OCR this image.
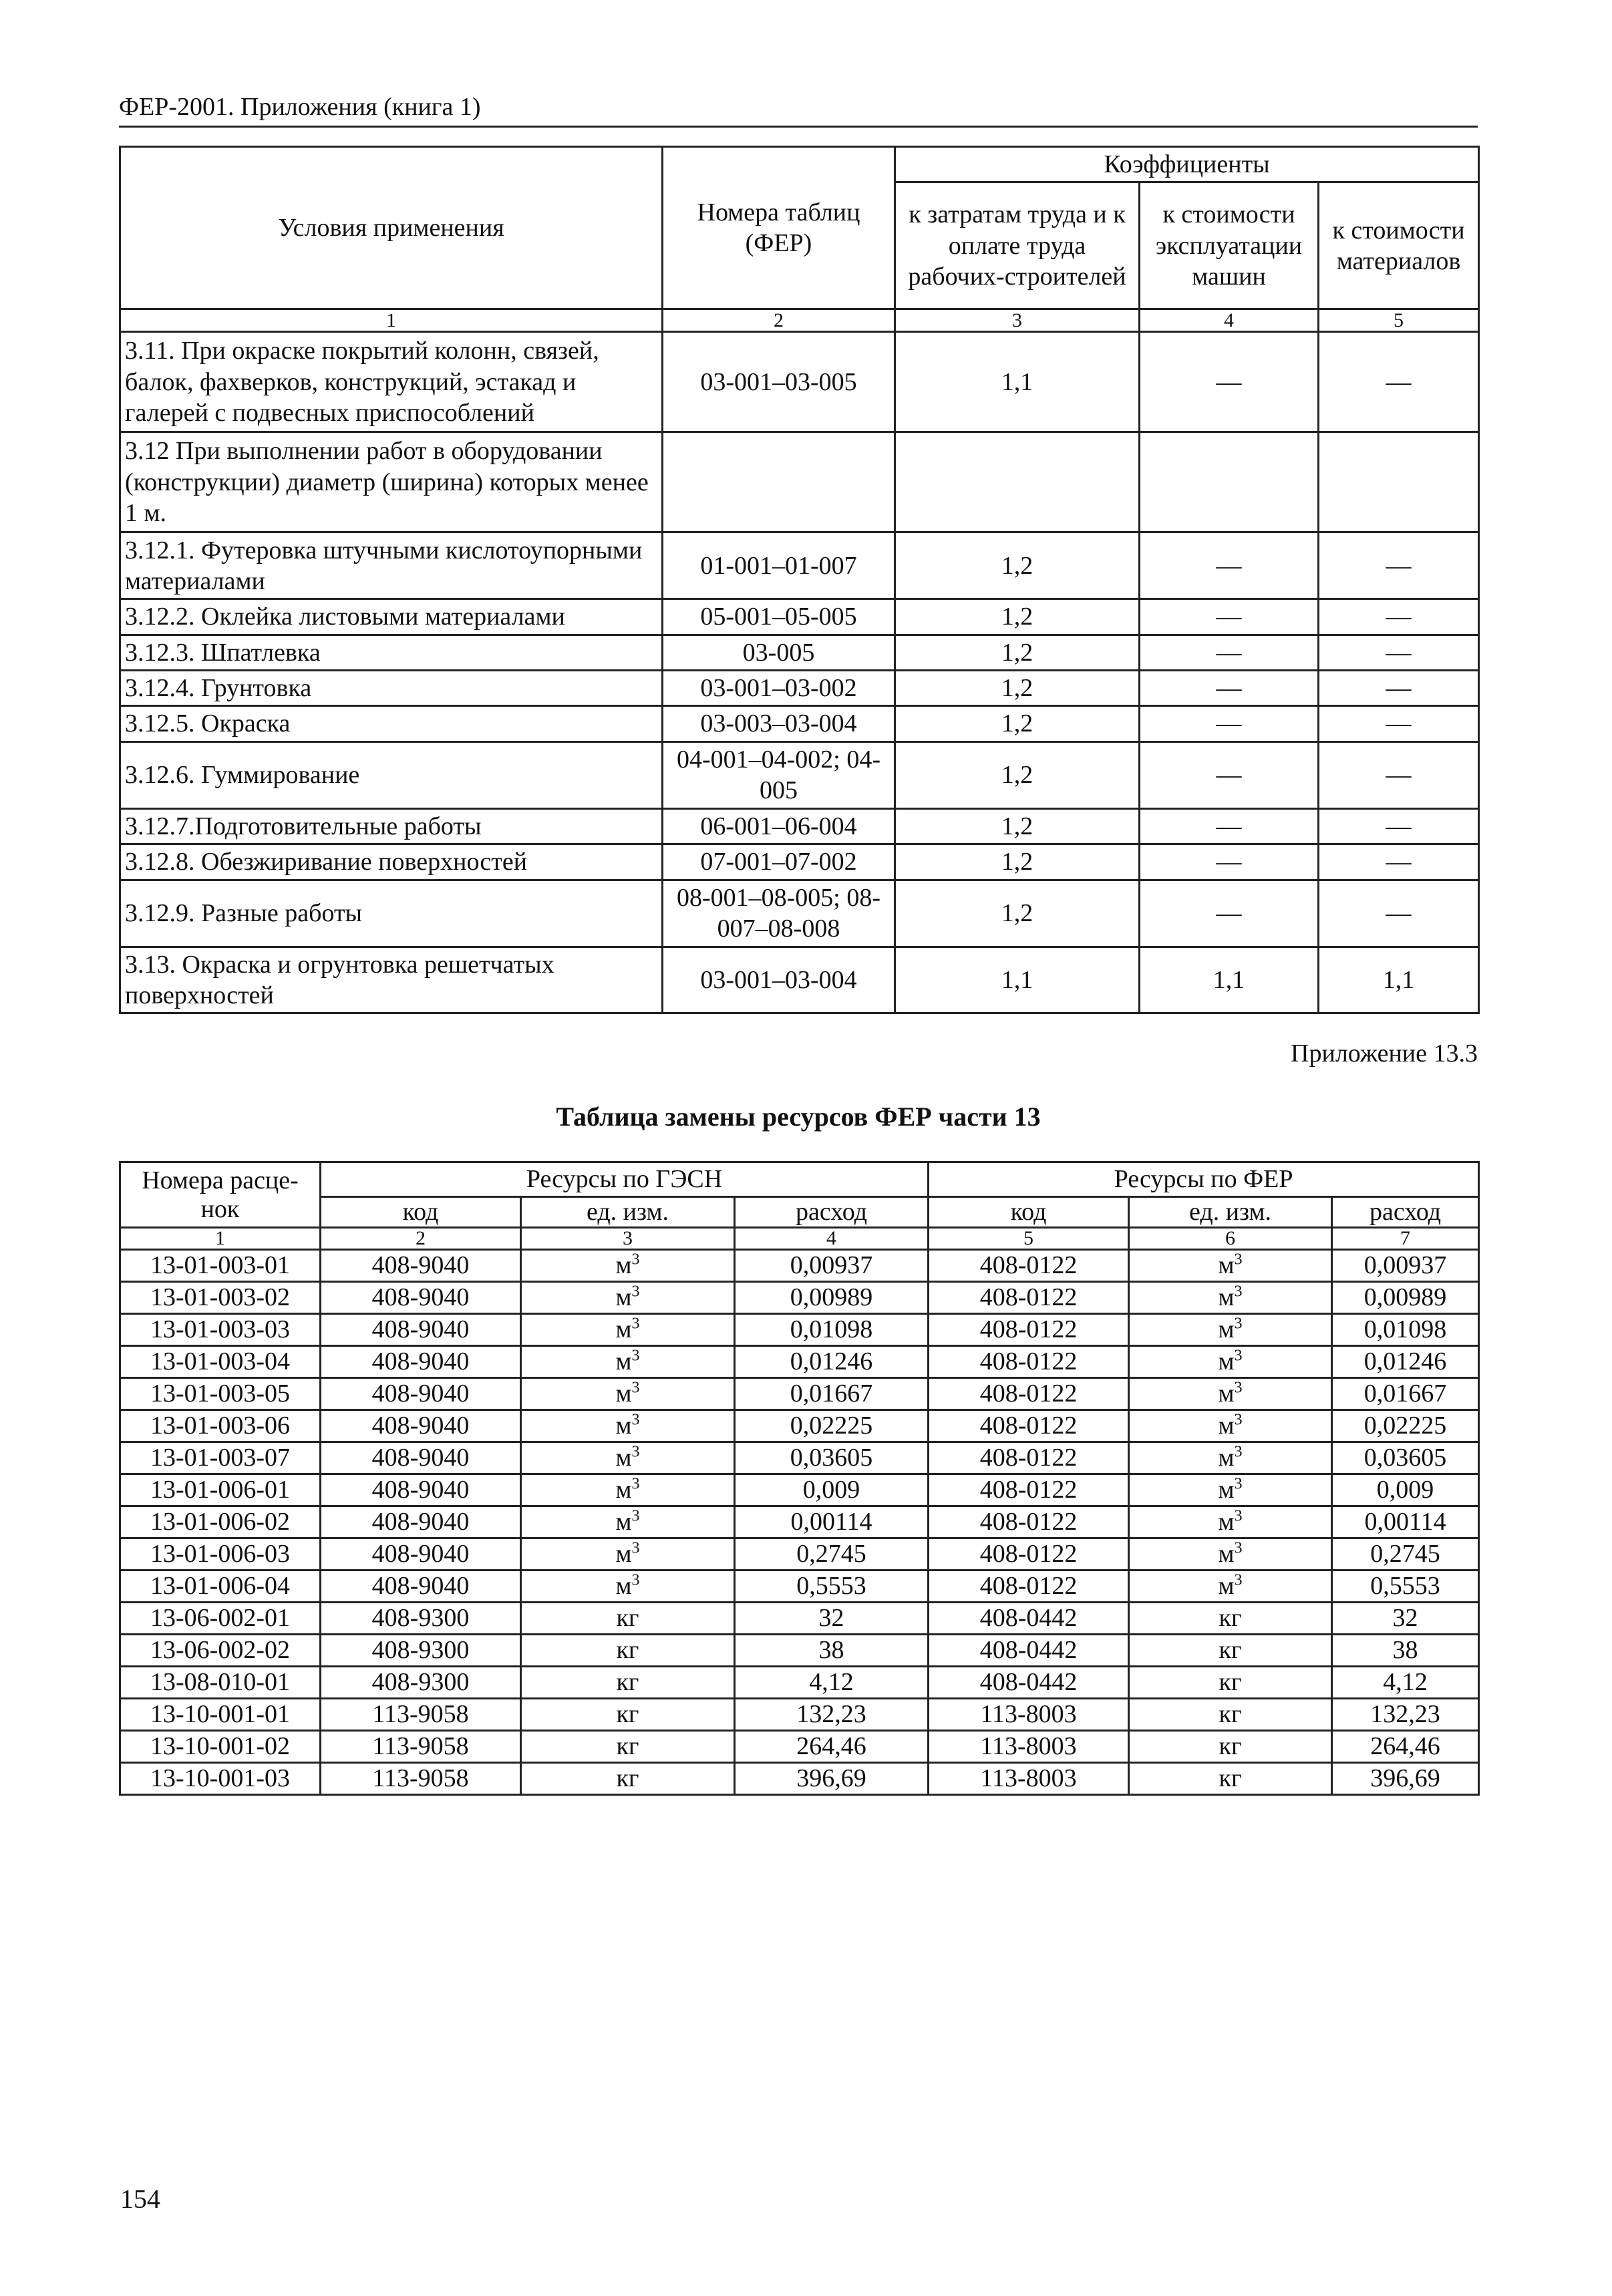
ФЕР-2001. Приложения (книга 1)
Условия применения	Номера таблиц (ФЕР)	Коэффициенты		
		к затратам труда и к оплате труда рабочих-строителей	к стоимости эксплуатации машин	к стоимости материалов
1	2	3	4	5
3.11. При окраске покрытий колонн, связей, балок, фахверков, конструкций, эстакад и галерей с подвесных приспособлений	03-001–03-005	1,1	—	—
3.12 При выполнении работ в оборудовании (конструкции) диаметр (ширина) которых менее 1 м.				
3.12.1. Футеровка штучными кислотоупорными материалами	01-001–01-007	1,2	—	—
3.12.2. Оклейка листовыми материалами	05-001–05-005	1,2	—	—
3.12.3. Шпатлевка	03-005	1,2	—	—
3.12.4. Грунтовка	03-001–03-002	1,2	—	—
3.12.5. Окраска	03-003–03-004	1,2	—	—
3.12.6. Гуммирование	04-001–04-002; 04-005	1,2	—	—
3.12.7.Подготовительные работы	06-001–06-004	1,2	—	—
3.12.8. Обезжиривание поверхностей	07-001–07-002	1,2	—	—
3.12.9. Разные работы	08-001–08-005; 08-007–08-008	1,2	—	—
3.13. Окраска и огрунтовка решетчатых поверхностей	03-001–03-004	1,1	1,1	1,1
Приложение 13.3
Таблица замены ресурсов ФЕР части 13
Номера расце-нок	Ресурсы по ГЭСН			Ресурсы по ФЕР		
	код	ед. изм.	расход	код	ед. изм.	расход
1	2	3	4	5	6	7
13-01-003-01	408-9040	$м^3$	0,00937	408-0122	$м^3$	0,00937
13-01-003-02	408-9040	$м^3$	0,00989	408-0122	$м^3$	0,00989
13-01-003-03	408-9040	$м^3$	0,01098	408-0122	$м^3$	0,01098
13-01-003-04	408-9040	$м^3$	0,01246	408-0122	$м^3$	0,01246
13-01-003-05	408-9040	$м^3$	0,01667	408-0122	$м^3$	0,01667
13-01-003-06	408-9040	$м^3$	0,02225	408-0122	$м^3$	0,02225
13-01-003-07	408-9040	$м^3$	0,03605	408-0122	$м^3$	0,03605
13-01-006-01	408-9040	$м^3$	0,009	408-0122	$м^3$	0,009
13-01-006-02	408-9040	$м^3$	0,00114	408-0122	$м^3$	0,00114
13-01-006-03	408-9040	$м^3$	0,2745	408-0122	$м^3$	0,2745
13-01-006-04	408-9040	$м^3$	0,5553	408-0122	$м^3$	0,5553
13-06-002-01	408-9300	кг	32	408-0442	кг	32
13-06-002-02	408-9300	кг	38	408-0442	кг	38
13-08-010-01	408-9300	кг	4,12	408-0442	кг	4,12
13-10-001-01	113-9058	кг	132,23	113-8003	кг	132,23
13-10-001-02	113-9058	кг	264,46	113-8003	кг	264,46
13-10-001-03	113-9058	кг	396,69	113-8003	кг	396,69
154
